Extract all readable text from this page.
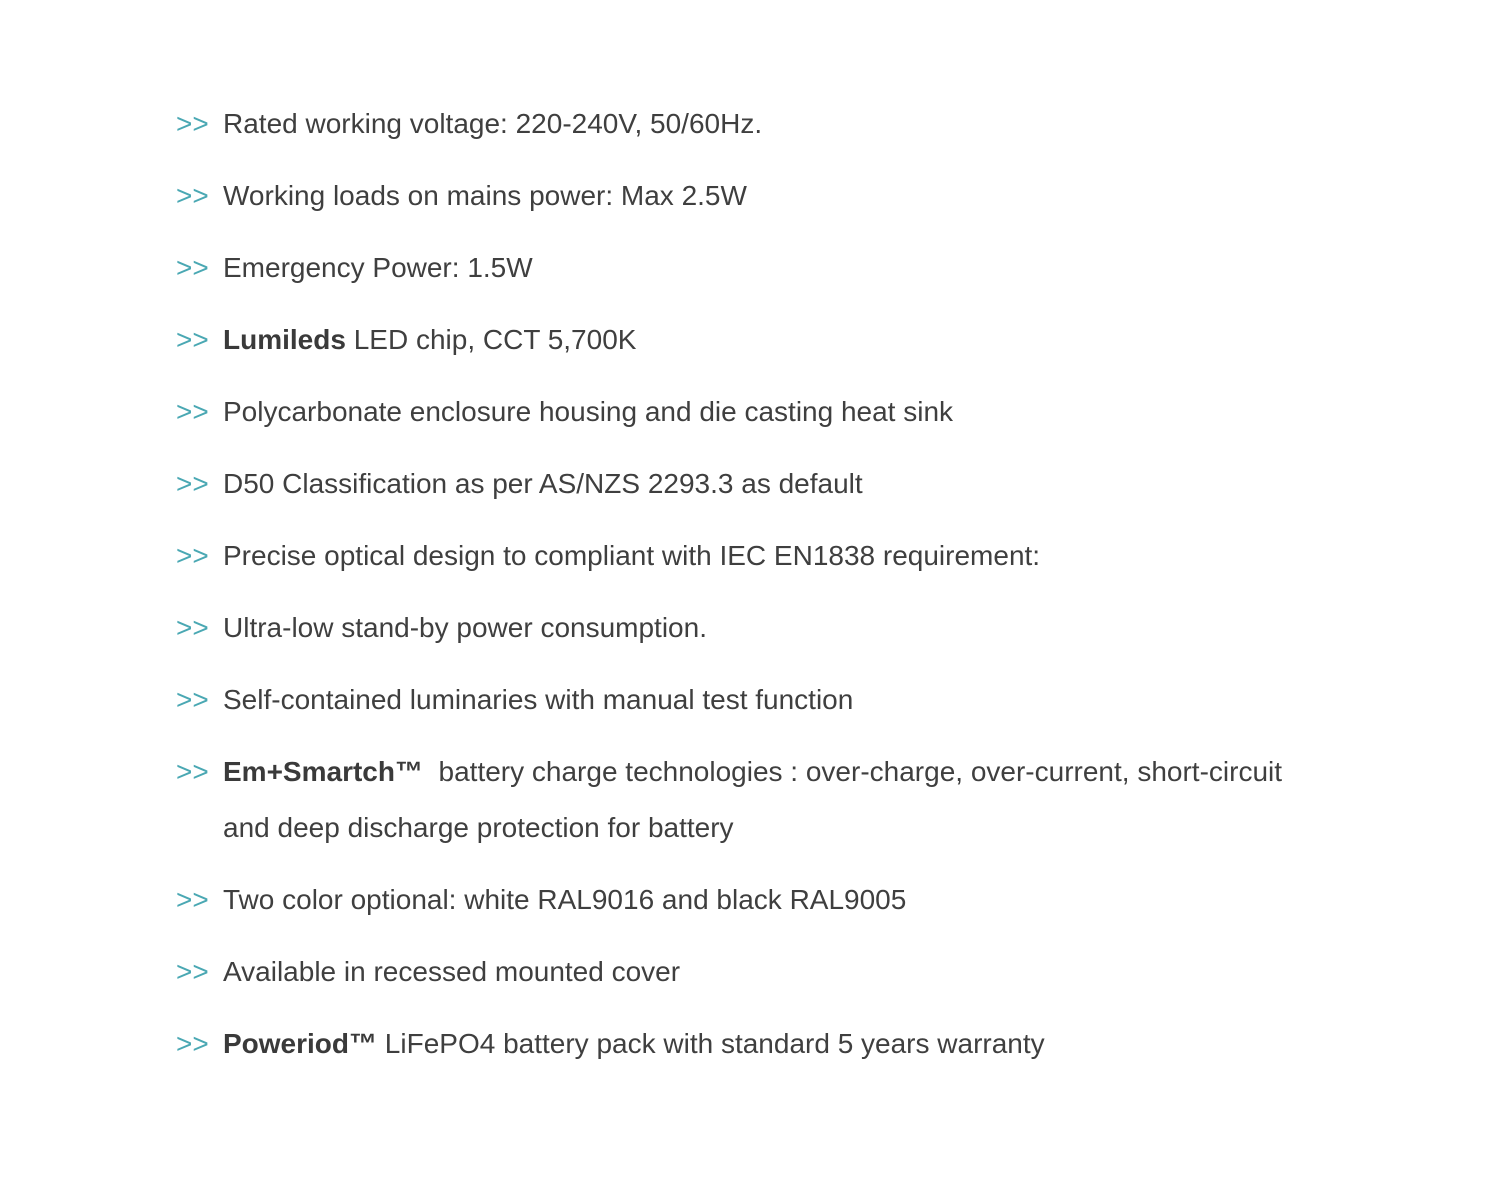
>> Rated working voltage: 220-240V, 50/60Hz.
>> Working loads on mains power: Max 2.5W
>> Emergency Power: 1.5W
>> Lumileds LED chip, CCT 5,700K
>> Polycarbonate enclosure housing and die casting heat sink
>> D50 Classification as per AS/NZS 2293.3 as default
>> Precise optical design to compliant with IEC EN1838 requirement:
>> Ultra-low stand-by power consumption.
>> Self-contained luminaries with manual test function
>> Em+Smartch™  battery charge technologies : over-charge, over-current, short-circuit and deep discharge protection for battery
>> Two color optional: white RAL9016 and black RAL9005
>> Available in recessed mounted cover
>> Poweriod™ LiFePO4 battery pack with standard 5 years warranty
